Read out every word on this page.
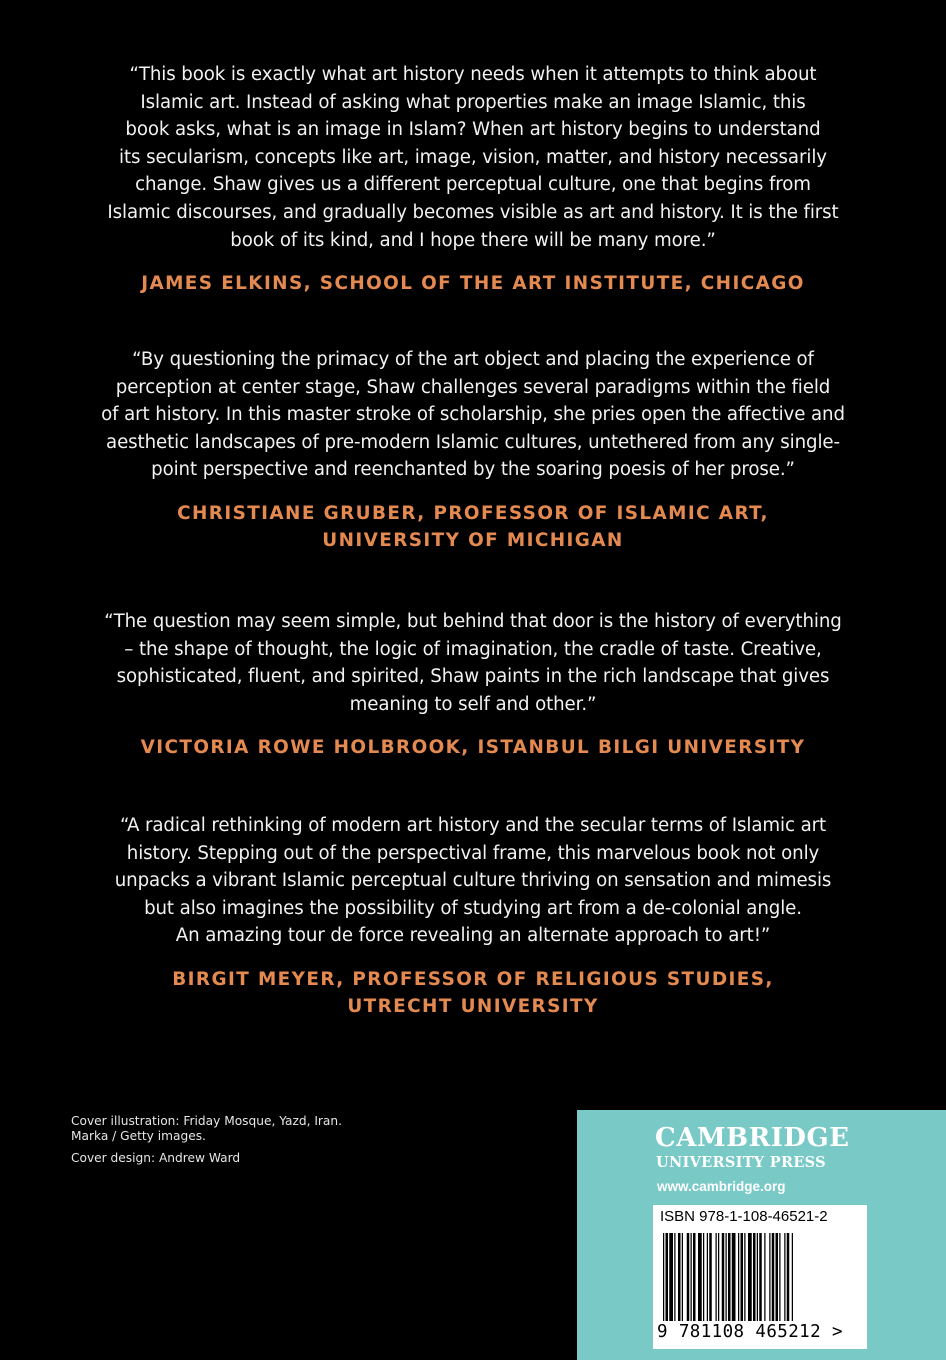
“This book is exactly what art history needs when it attempts to think about
Islamic art. Instead of asking what properties make an image Islamic, this
book asks, what is an image in Islam? When art history begins to understand
its secularism, concepts like art, image, vision, matter, and history necessarily
change. Shaw gives us a different perceptual culture, one that begins from
Islamic discourses, and gradually becomes visible as art and history. It is the first
book of its kind, and I hope there will be many more.”

JAMES ELKINS, SCHOOL OF THE ART INSTITUTE, CHICAGO

“By questioning the primacy of the art object and placing the experience of
perception at center stage, Shaw challenges several paradigms within the field
of art history. In this master stroke of scholarship, she pries open the affective and
aesthetic landscapes of pre-modern Islamic cultures, untethered from any single-
point perspective and reenchanted by the soaring poesis of her prose.”

CHRISTIANE GRUBER, PROFESSOR OF ISLAMIC ART,
UNIVERSITY OF MICHIGAN

“The question may seem simple, but behind that door is the history of everything
– the shape of thought, the logic of imagination, the cradle of taste. Creative,
sophisticated, fluent, and spirited, Shaw paints in the rich landscape that gives
meaning to self and other.”

VICTORIA ROWE HOLBROOK, ISTANBUL BILGI UNIVERSITY

“A radical rethinking of modern art history and the secular terms of Islamic art
history. Stepping out of the perspectival frame, this marvelous book not only
unpacks a vibrant Islamic perceptual culture thriving on sensation and mimesis
but also imagines the possibility of studying art from a de-colonial angle.
An amazing tour de force revealing an alternate approach to art!”

BIRGIT MEYER, PROFESSOR OF RELIGIOUS STUDIES,
UTRECHT UNIVERSITY
Cover illustration: Friday Mosque, Yazd, Iran.
Marka / Getty images.
Cover design: Andrew Ward
CAMBRIDGE
UNIVERSITY PRESS
www.cambridge.org
ISBN 978-1-108-46521-2
9 781108 465212 >
